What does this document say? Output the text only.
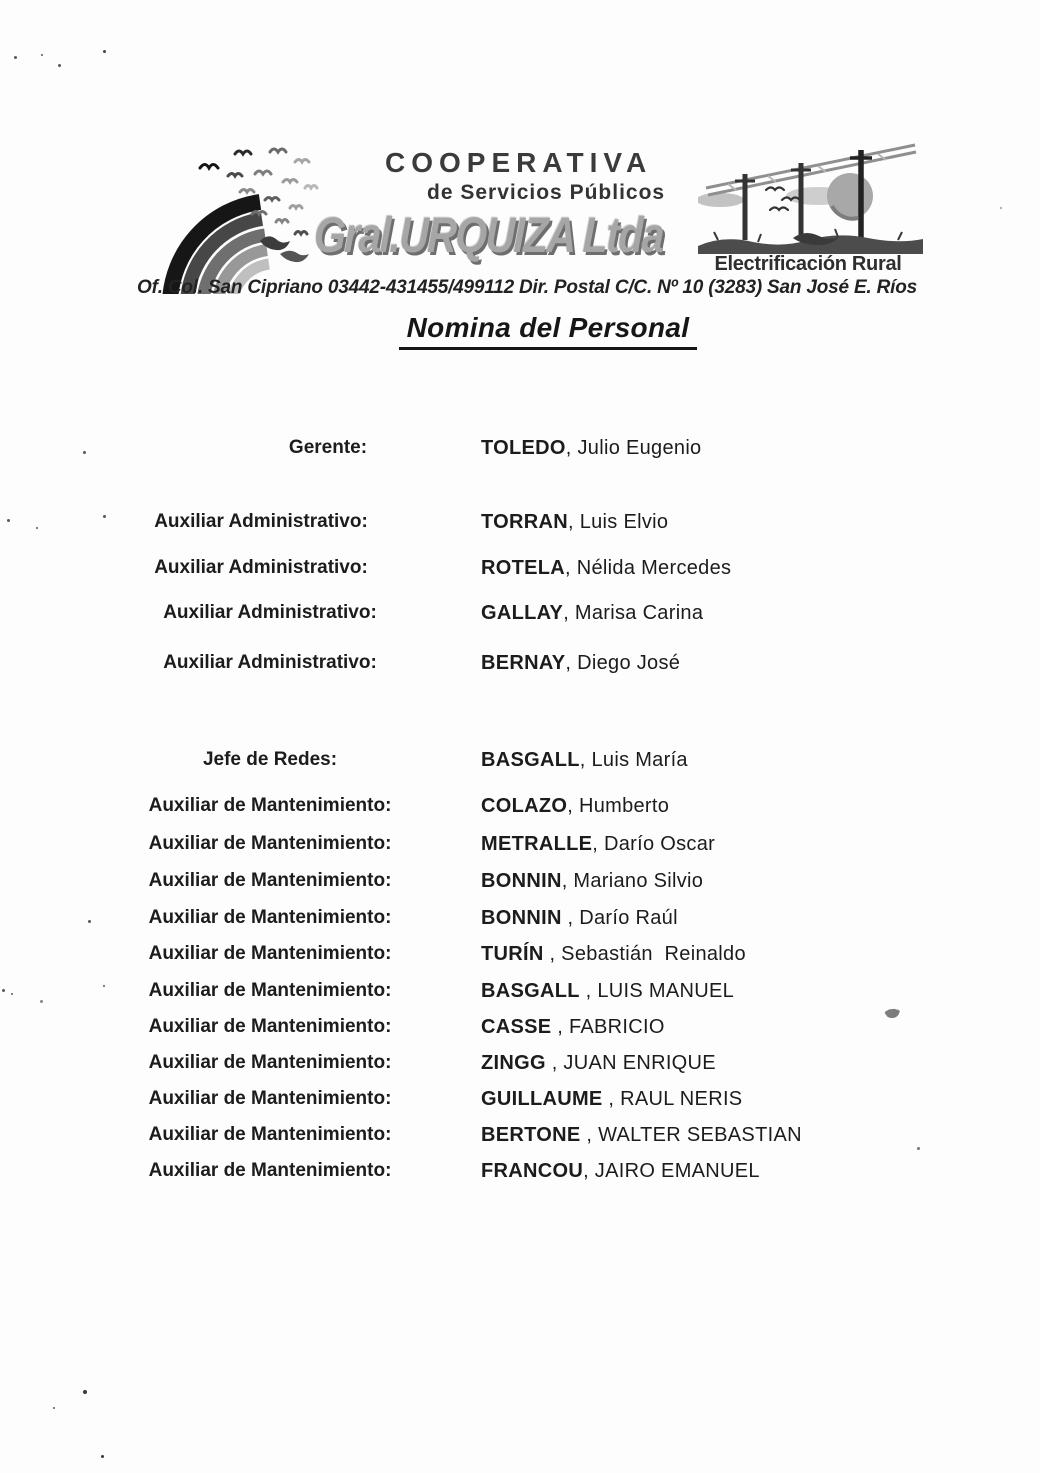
COOPERATIVA
de Servicios Públicos
Gral.URQUIZA Ltda
Electrificación Rural
Of. Col. San Cipriano 03442-431455/499112 Dir. Postal C/C. Nº 10 (3283) San José E. Ríos
Nomina del Personal
Gerente:	TOLEDO, Julio Eugenio
Auxiliar Administrativo:	TORRAN, Luis Elvio
Auxiliar Administrativo:	ROTELA, Nélida Mercedes
Auxiliar Administrativo:	GALLAY, Marisa Carina
Auxiliar Administrativo:	BERNAY, Diego José
Jefe de Redes:	BASGALL, Luis María
Auxiliar de Mantenimiento:	COLAZO, Humberto
Auxiliar de Mantenimiento:	METRALLE, Darío Oscar
Auxiliar de Mantenimiento:	BONNIN, Mariano Silvio
Auxiliar de Mantenimiento:	BONNIN , Darío Raúl
Auxiliar de Mantenimiento:	TURÍN , Sebastián  Reinaldo
Auxiliar de Mantenimiento:	BASGALL , LUIS MANUEL
Auxiliar de Mantenimiento:	CASSE , FABRICIO
Auxiliar de Mantenimiento:	ZINGG , JUAN ENRIQUE
Auxiliar de Mantenimiento:	GUILLAUME , RAUL NERIS
Auxiliar de Mantenimiento:	BERTONE , WALTER SEBASTIAN
Auxiliar de Mantenimiento:	FRANCOU, JAIRO EMANUEL
